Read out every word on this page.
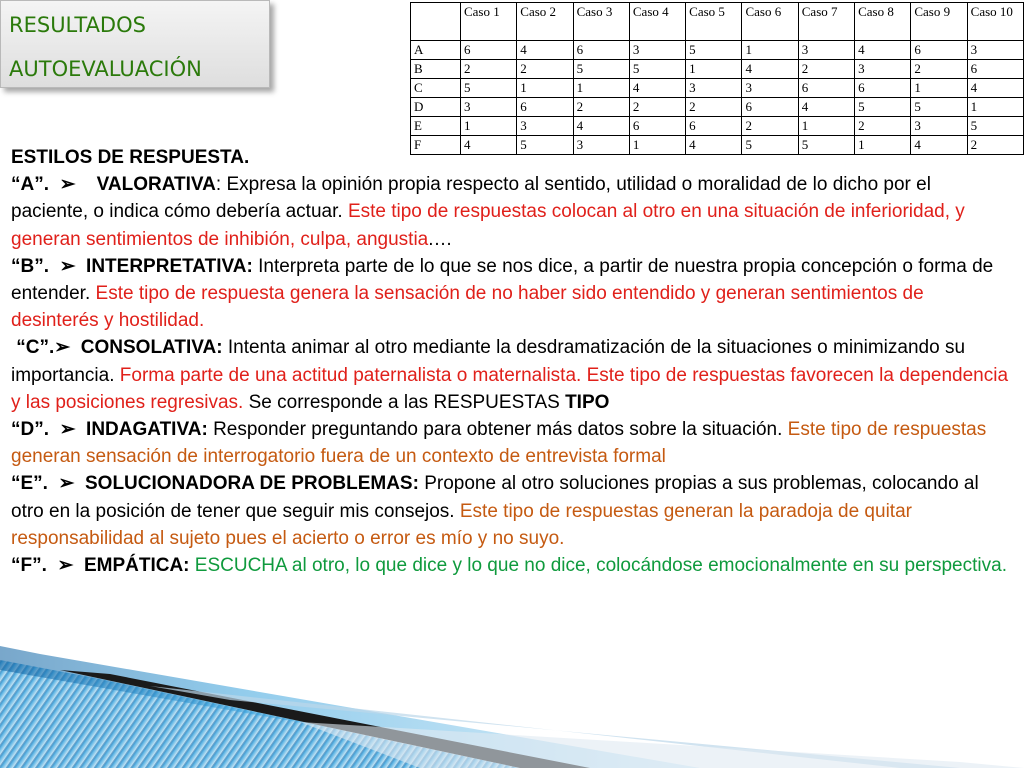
RESULTADOS
AUTOEVALUACIÓN
	Caso 1	Caso 2	Caso 3	Caso 4	Caso 5	Caso 6	Caso 7	Caso 8	Caso 9	Caso 10
A	6	4	6	3	5	1	3	4	6	3
B	2	2	5	5	1	4	2	3	2	6
C	5	1	1	4	3	3	6	6	1	4
D	3	6	2	2	2	6	4	5	5	1
E	1	3	4	6	6	2	1	2	3	5
F	4	5	3	1	4	5	5	1	4	2

ESTILOS DE RESPUESTA.

“A”. ➢ VALORATIVA: Expresa la opinión propia respecto al sentido, utilidad o moralidad de lo dicho por el paciente, o indica cómo debería actuar. Este tipo de respuestas colocan al otro en una situación de inferioridad, y generan sentimientos de inhibión, culpa, angustia.…

“B”. ➢ INTERPRETATIVA: Interpreta parte de lo que se nos dice, a partir de nuestra propia concepción o forma de entender. Este tipo de respuesta genera la sensación de no haber sido entendido y generan sentimientos de desinterés y hostilidad.

“C”.➢ CONSOLATIVA: Intenta animar al otro mediante la desdramatización de la situaciones o minimizando su importancia. Forma parte de una actitud paternalista o maternalista. Este tipo de respuestas favorecen la dependencia y las posiciones regresivas. Se corresponde a las RESPUESTAS TIPO

“D”. ➢ INDAGATIVA: Responder preguntando para obtener más datos sobre la situación. Este tipo de respuestas generan sensación de interrogatorio fuera de un contexto de entrevista formal

“E”. ➢ SOLUCIONADORA DE PROBLEMAS: Propone al otro soluciones propias a sus problemas, colocando al otro en la posición de tener que seguir mis consejos. Este tipo de respuestas generan la paradoja de quitar responsabilidad al sujeto pues el acierto o error es mío y no suyo.

“F”. ➢ EMPÁTICA: ESCUCHA al otro, lo que dice y lo que no dice, colocándose emocionalmente en su perspectiva.
